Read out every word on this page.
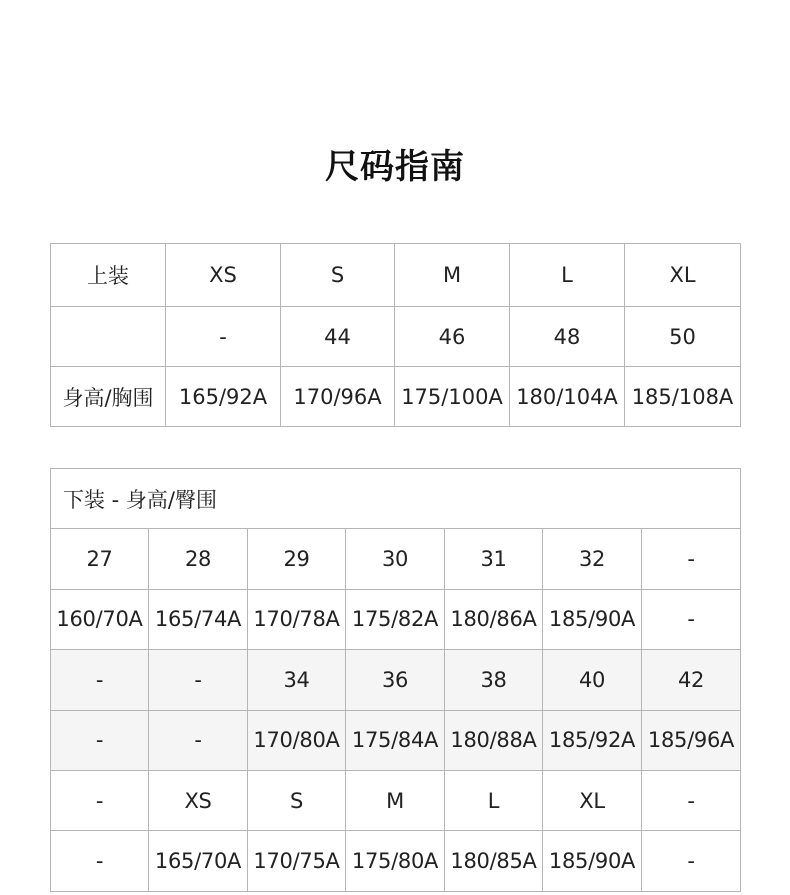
尺码指南
上装	XS	S	M	L	XL
	-	44	46	48	50
身高/胸围	165/92A	170/96A	175/100A	180/104A	185/108A
下装 - 身高/臀围						
27	28	29	30	31	32	-
160/70A	165/74A	170/78A	175/82A	180/86A	185/90A	-
-	-	34	36	38	40	42
-	-	170/80A	175/84A	180/88A	185/92A	185/96A
-	XS	S	M	L	XL	-
-	165/70A	170/75A	175/80A	180/85A	185/90A	-
